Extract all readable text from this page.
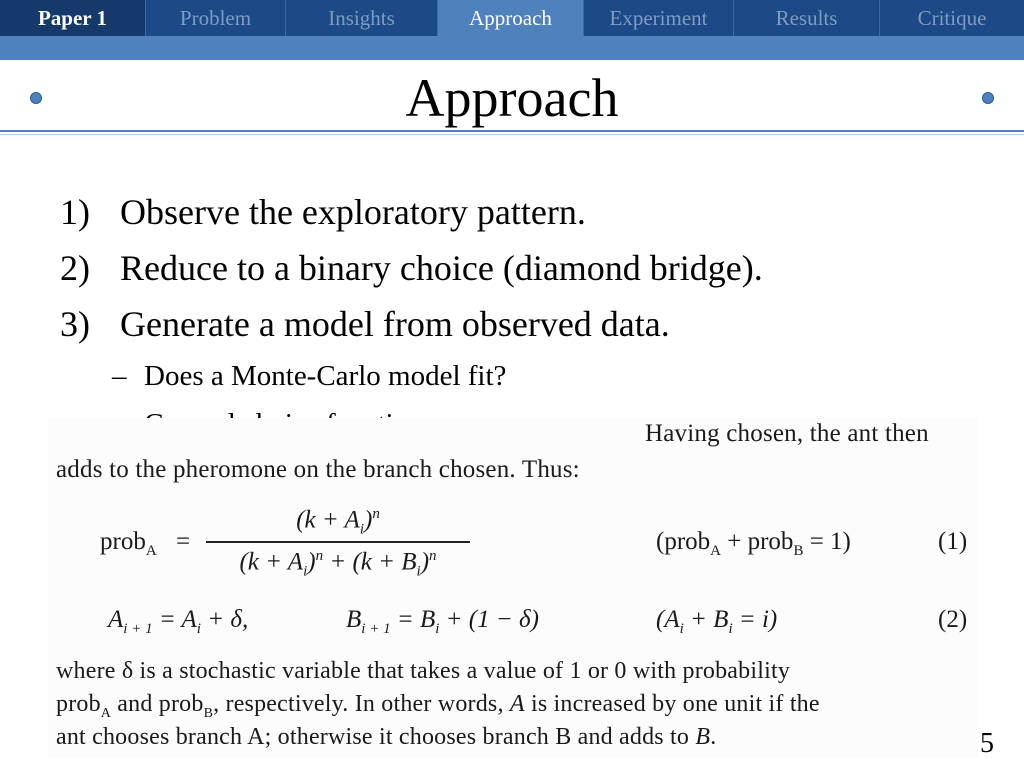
Paper 1	Problem	Insights	Approach	Experiment	Results	Critique
Approach
1) Observe the exploratory pattern.
2) Reduce to a binary choice (diamond bridge).
3) Generate a model from observed data.
– Does a Monte-Carlo model fit?
Having chosen, the ant then
adds to the pheromone on the branch chosen. Thus:
prob$_A$ =
$(k + A_i)^n$
$(k + A_i)^n + (k + B_i)^n$
(prob$_A$ + prob$_B$ = 1)	(1)
$A_{i + 1} = A_i + \delta$,	$B_{i + 1} = B_i + (1 - \delta)$	$(A_i + B_i = i)$	(2)
where δ is a stochastic variable that takes a value of 1 or 0 with probability
prob$_A$ and prob$_B$, respectively. In other words, A is increased by one unit if the
ant chooses branch A; otherwise it chooses branch B and adds to B.	5
